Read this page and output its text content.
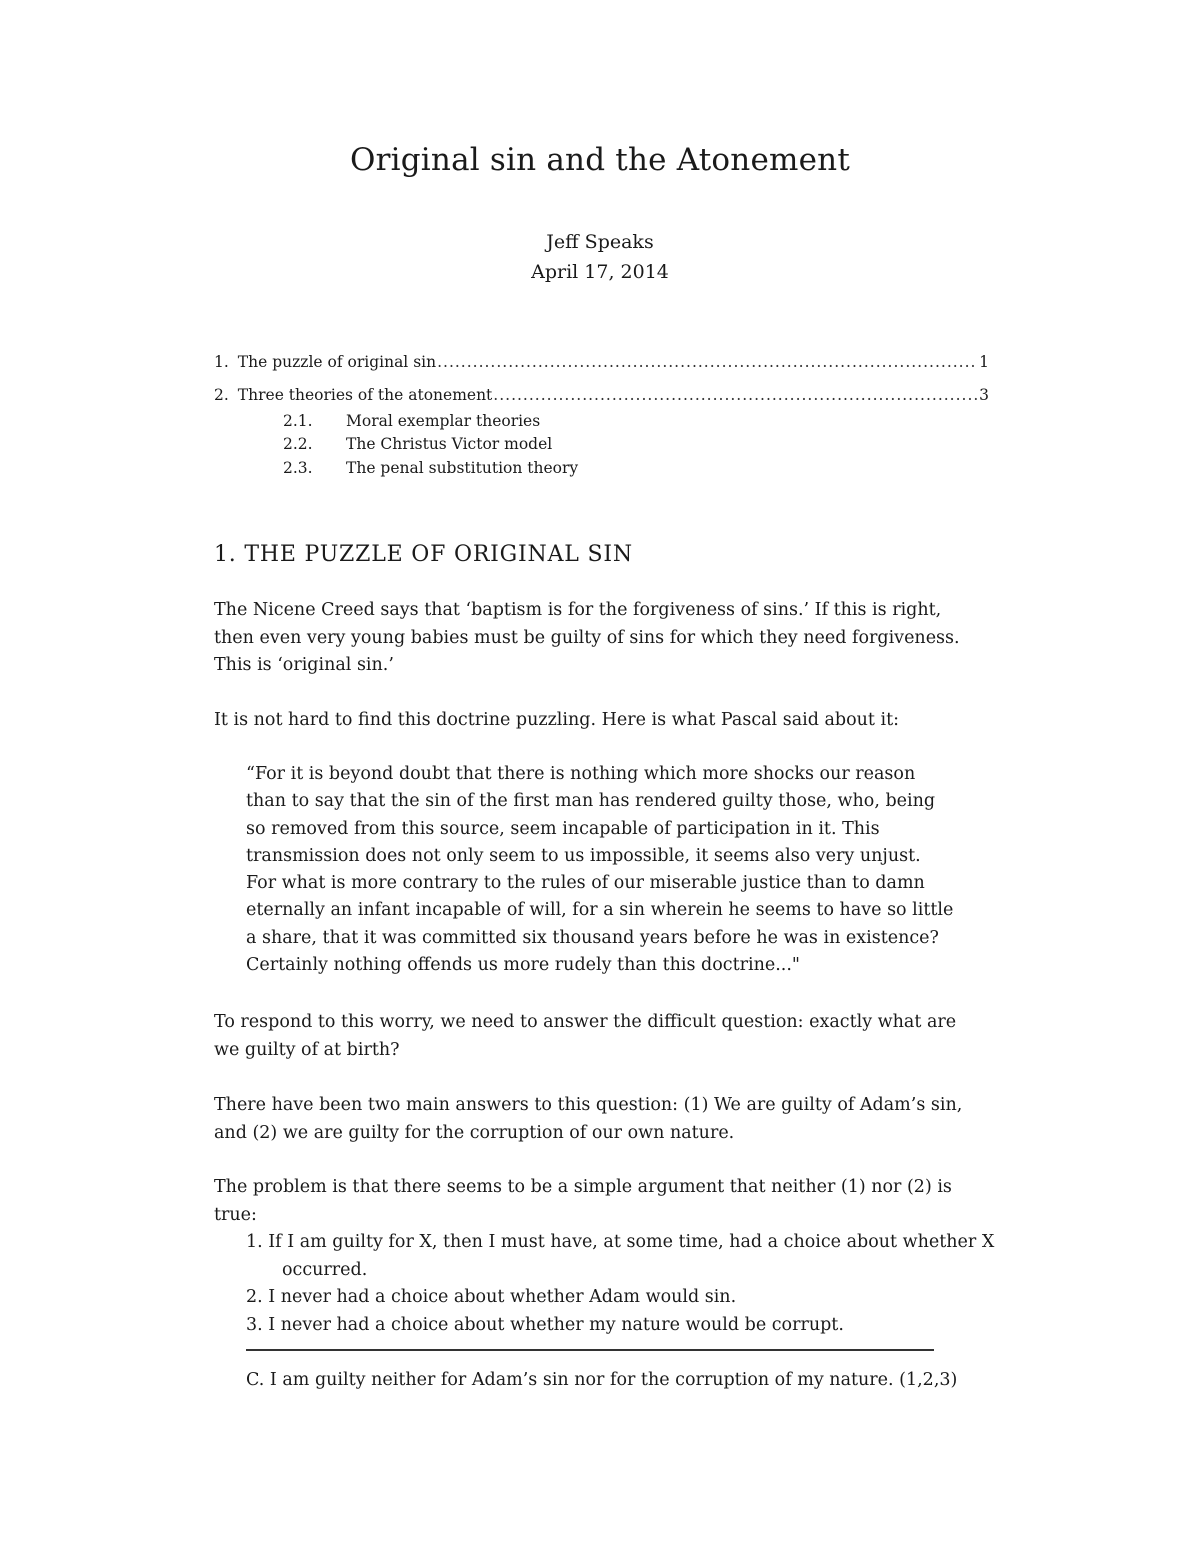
Original sin and the Atonement
Jeff Speaks
April 17, 2014
1. The puzzle of original sin .....	1
2. Three theories of the atonement .....	3
2.1. Moral exemplar theories
2.2. The Christus Victor model
2.3. The penal substitution theory
1. THE PUZZLE OF ORIGINAL SIN
The Nicene Creed says that ‘baptism is for the forgiveness of sins.’ If this is right, then even very young babies must be guilty of sins for which they need forgiveness. This is ‘original sin.’
It is not hard to find this doctrine puzzling. Here is what Pascal said about it:
“For it is beyond doubt that there is nothing which more shocks our reason than to say that the sin of the first man has rendered guilty those, who, being so removed from this source, seem incapable of participation in it. This transmission does not only seem to us impossible, it seems also very unjust. For what is more contrary to the rules of our miserable justice than to damn eternally an infant incapable of will, for a sin wherein he seems to have so little a share, that it was committed six thousand years before he was in existence? Certainly nothing offends us more rudely than this doctrine..."
To respond to this worry, we need to answer the difficult question: exactly what are we guilty of at birth?
There have been two main answers to this question: (1) We are guilty of Adam’s sin, and (2) we are guilty for the corruption of our own nature.
The problem is that there seems to be a simple argument that neither (1) nor (2) is true:
1. If I am guilty for X, then I must have, at some time, had a choice about whether X
occurred.
2. I never had a choice about whether Adam would sin.
3. I never had a choice about whether my nature would be corrupt.
C. I am guilty neither for Adam’s sin nor for the corruption of my nature. (1,2,3)
